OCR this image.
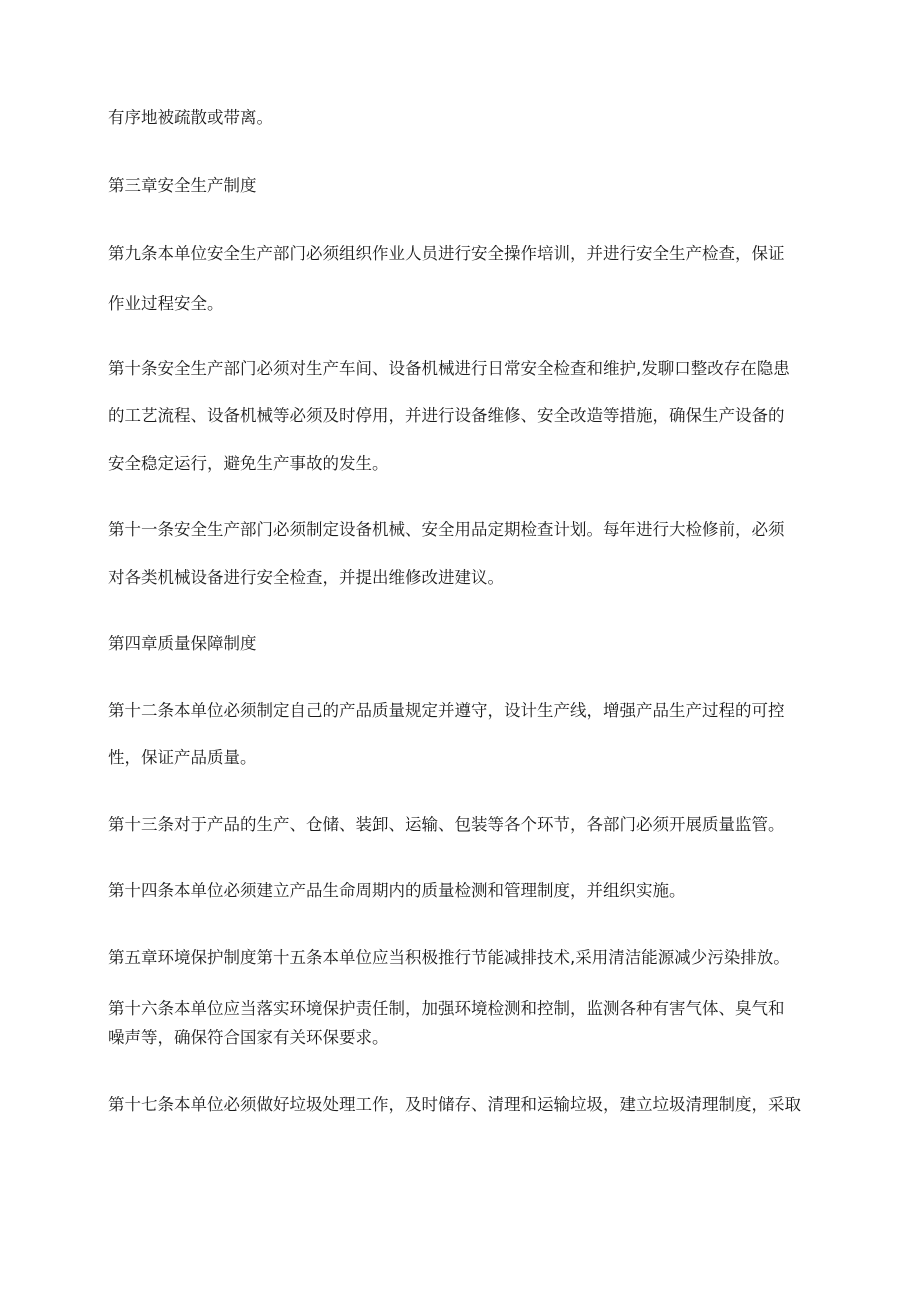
有序地被疏散或带离。
第三章安全生产制度
第九条本单位安全生产部门必须组织作业人员进行安全操作培训，并进行安全生产检查，保证
作业过程安全。
第十条安全生产部门必须对生产车间、设备机械进行日常安全检查和维护,发聊口整改存在隐患
的工艺流程、设备机械等必须及时停用，并进行设备维修、安全改造等措施，确保生产设备的
安全稳定运行，避免生产事故的发生。
第十一条安全生产部门必须制定设备机械、安全用品定期检查计划。每年进行大检修前，必须
对各类机械设备进行安全检查，并提出维修改进建议。
第四章质量保障制度
第十二条本单位必须制定自己的产品质量规定并遵守，设计生产线，增强产品生产过程的可控
性，保证产品质量。
第十三条对于产品的生产、仓储、装卸、运输、包装等各个环节，各部门必须开展质量监管。
第十四条本单位必须建立产品生命周期内的质量检测和管理制度，并组织实施。
第五章环境保护制度第十五条本单位应当积极推行节能减排技术,采用清洁能源减少污染排放。
第十六条本单位应当落实环境保护责任制，加强环境检测和控制，监测各种有害气体、臭气和
噪声等，确保符合国家有关环保要求。
第十七条本单位必须做好垃圾处理工作，及时储存、清理和运输垃圾，建立垃圾清理制度，采取
